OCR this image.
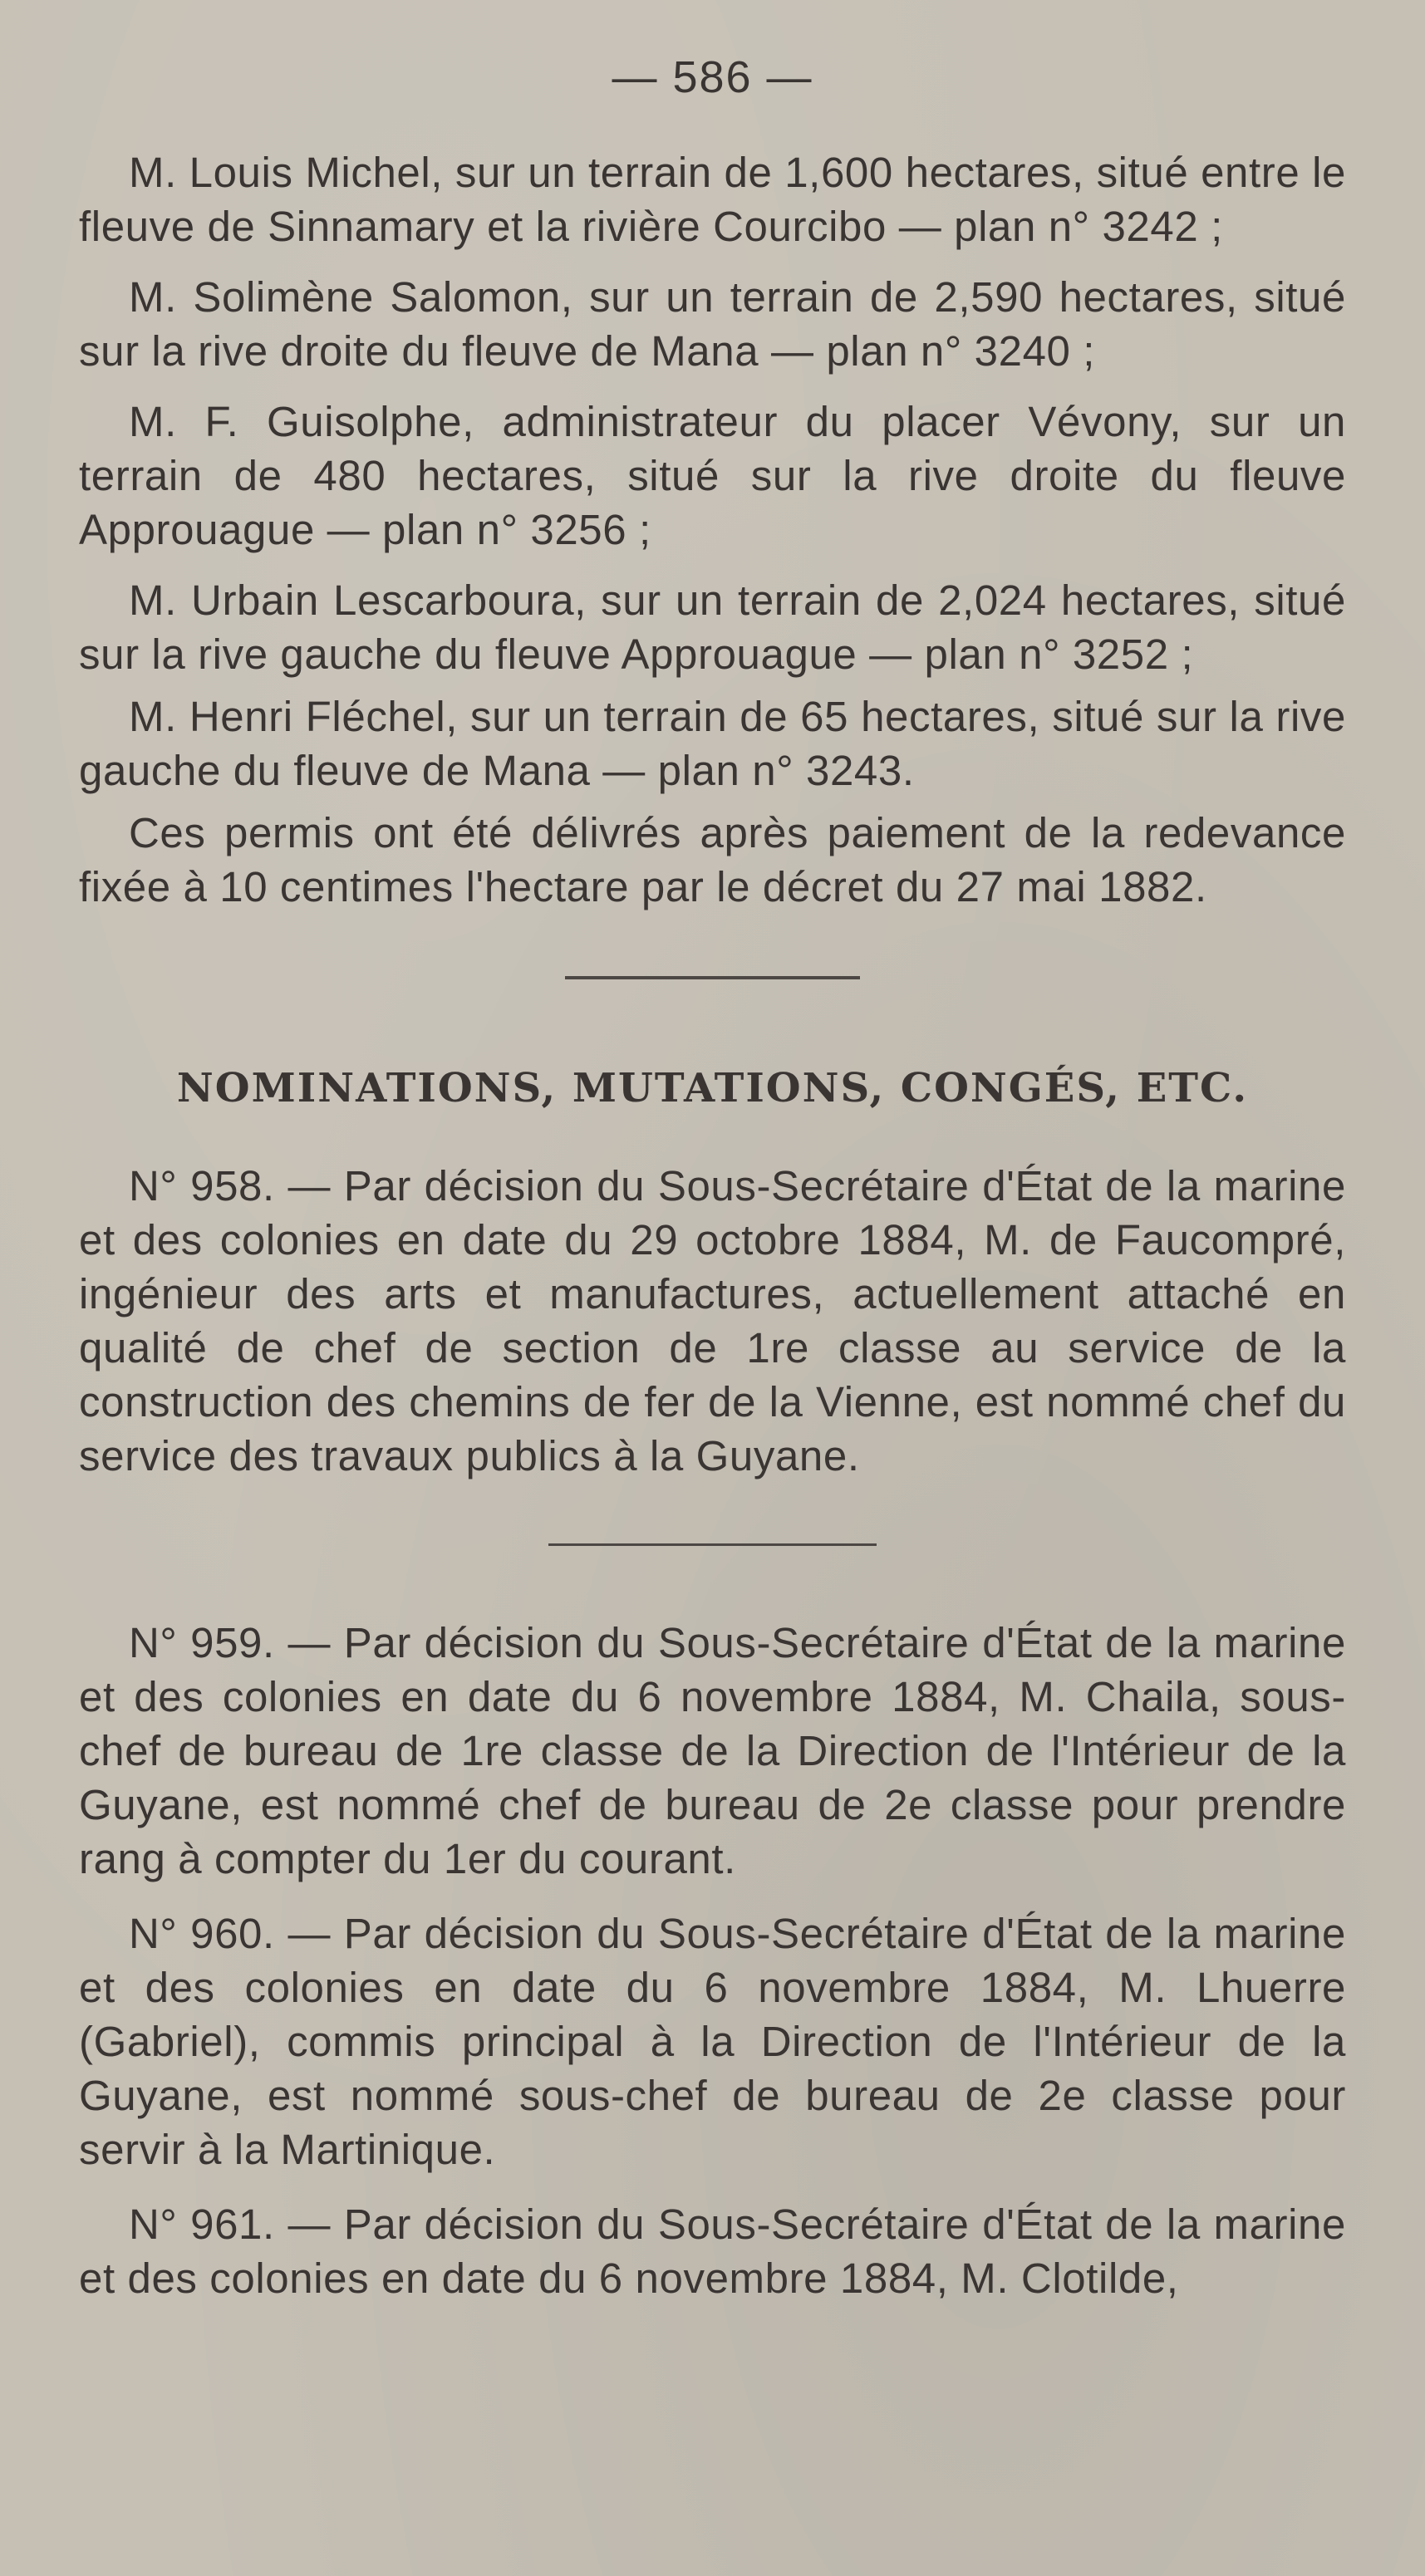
— 586 —

M. Louis Michel, sur un terrain de 1,600 hectares, situé entre le fleuve de Sinnamary et la rivière Courcibo — plan n° 3242 ;

M. Solimène Salomon, sur un terrain de 2,590 hectares, situé sur la rive droite du fleuve de Mana — plan n° 3240 ;

M. F. Guisolphe, administrateur du placer Vévony, sur un terrain de 480 hectares, situé sur la rive droite du fleuve Approuague — plan n° 3256 ;

M. Urbain Lescarboura, sur un terrain de 2,024 hectares, situé sur la rive gauche du fleuve Approuague — plan n° 3252 ;

M. Henri Fléchel, sur un terrain de 65 hectares, situé sur la rive gauche du fleuve de Mana — plan n° 3243.

Ces permis ont été délivrés après paiement de la redevance fixée à 10 centimes l'hectare par le décret du 27 mai 1882.

NOMINATIONS, MUTATIONS, CONGÉS, ETC.

N° 958. — Par décision du Sous-Secrétaire d'État de la marine et des colonies en date du 29 octobre 1884, M. de Faucompré, ingénieur des arts et manufactures, actuellement attaché en qualité de chef de section de 1re classe au service de la construction des chemins de fer de la Vienne, est nommé chef du service des travaux publics à la Guyane.

N° 959. — Par décision du Sous-Secrétaire d'État de la marine et des colonies en date du 6 novembre 1884, M. Chaila, sous-chef de bureau de 1re classe de la Direction de l'Intérieur de la Guyane, est nommé chef de bureau de 2e classe pour prendre rang à compter du 1er du courant.

N° 960. — Par décision du Sous-Secrétaire d'État de la marine et des colonies en date du 6 novembre 1884, M. Lhuerre (Gabriel), commis principal à la Direction de l'Intérieur de la Guyane, est nommé sous-chef de bureau de 2e classe pour servir à la Martinique.

N° 961. — Par décision du Sous-Secrétaire d'État de la marine et des colonies en date du 6 novembre 1884, M. Clotilde,
